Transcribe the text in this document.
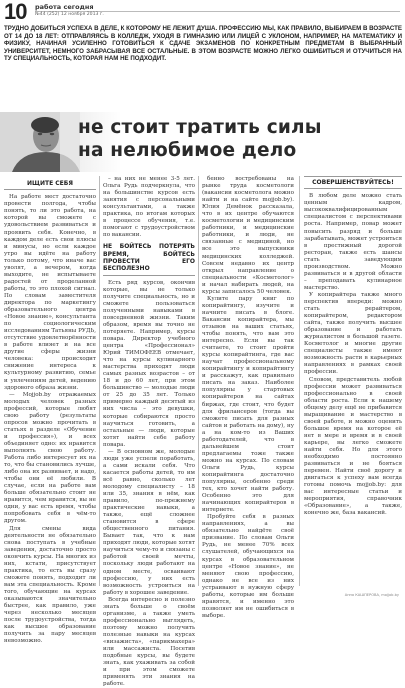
10 работа сегодня
№44 (252) 12 ноября 2013 г.
ТРУДНО ДОБИТЬСЯ УСПЕХА В ДЕЛЕ, К КОТОРОМУ НЕ ЛЕЖИТ ДУША. ПРОФЕССИЮ МЫ, КАК ПРАВИЛО, ВЫБИРАЕМ В ВОЗРАСТЕ ОТ 14 ДО 18 ЛЕТ: ОТПРАВЛЯЯСЬ В КОЛЛЕДЖ, УХОДЯ В ГИМНАЗИЮ ИЛИ ЛИЦЕЙ С УКЛОНОМ, НАПРИМЕР, НА МАТЕМАТИКУ И ФИЗИКУ, НАЧИНАЯ УСИЛЕННО ГОТОВИТЬСЯ К СДАЧЕ ЭКЗАМЕНОВ ПО КОНКРЕТНЫМ ПРЕДМЕТАМ В ВЫБРАННЫЙ УНИВЕРСИТЕТ, НЕМНОГО ЗАБРАСЫВАЯ ВСЕ ОСТАЛЬНЫЕ. В ЭТОМ ВОЗРАСТЕ МОЖНО ЛЕГКО ОШИБИТЬСЯ И ОТУЧИТЬСЯ НА ТУ СПЕЦИАЛЬНОСТЬ, КОТОРАЯ НАМ НЕ ПОДХОДИТ.
не стоит тратить силы
на нелюбимое дело
ИЩИТЕ СЕБЯ

На работе мест достаточно провести полгода, чтобы понять, то ли это работа, на которой вы сможете с удовольствием развиваться и проявить себя. Конечно, в каждом деле есть свои плюсы и минусы, но если каждое утро вы идёте на работу только потому, что иначе вас уволят, а вечером, когда выходите, не испытываете радостей от проделанной работы, то это плохой сигнал. По словам заместителя директора по маркетингу образовательного центра «Новое знание», консультанта по социологическим исследованиям Татьяны РУДЬ, отсутствие удовлетворённости в работе влияет и на все другие сферы жизни человека: происходит снижение интереса к культурному развитию, семье и увлечениям детей, ведению здорового образа жизни.

— Mojjob.by отражаемых молодых человек разных профессий, которые любят свою работу (результаты опросов можно прочитать в статьях в разделе «Обучение и профессия»), и всех объединяет одно: их нравится выполнять свою работу. Работа либо интересует их на то, что бы становились лучше, либо она их развивает, и надо, чтобы они её любили. В случае, если на работе вам больше обязательно стоит не нравится, чем нравится, вы не одни, у вас есть время, чтобы попробовать себя в чём-то другом.

Для смены вида деятельности не обязательно снова поступать в учебные заведения, достаточно просто окончить курсы. На многих из них, кстати, присутствует практика, то есть вы сразу сможете понять, подходит ли вам эта специальность. Кроме того, обучающие на курсах оказываются значительно быстрее, как правило, уже через несколько месяцев после трудоустройства, тогда как высшее образование получить за пару месяцев невозможно.

– на них не менее 3-5 лет. Ольга Рудь подчеркнула, что на большинстве курсов есть занятия с персональными консультантами, а также практика, по итогам которых в процессе обучения, т.е. помогают с трудоустройством по вакансии.

НЕ БОЙТЕСЬ ПОТЕРЯТЬ ВРЕМЯ, БОЙТЕСЬ ПРОВЕСТИ ЕГО БЕСПОЛЕЗНО

Есть ряд курсов, окончив которые, вы не только получите специальность, но и сможете пользоваться полученными навыками в повседневной жизни. Таким образом, время вы точно не потеряете. Например, курсы повара. Директор учебного центра «Профессионал» Юрий ТИМОФЕЕВ отмечает, что на курсы кулинарного мастерства приходят люди самых разных возрастов – от 18 и до 60 лет, при этом большинство — молодые люди от 25 до 35 лет. Только примерно каждый десятый из них числа – это девушки, которые собираются просто научиться готовить, а остальные — люди, которые хотят найти себе работу повара.

— В основном же, молодые люди уже успели поработать, а сами искали себя. Что касается работы детей, то им всё равно, сколько лет молодому специалисту – 18 или 35, знания в нём, как правило, по-прежнему практические навыки, а также, ещё сложнее становится в сфере общественного питания. Бывает так, что к нам приходят люди, которые хотят научиться чему-то и связаны с работой своей мечты, поскольку люди работают на одном месте, осваивают профессию, у них есть возможность устроиться на работу в хорошее заведение.

Всегда интересно и полезно знать больше о своём организме, а также уметь профессионально выглядеть, поэтому можно получить полезные навыки на курсах «визажиста», «парикмахера» или массажиста. Посетив подобные курсы, вы будете знать, как ухаживать за собой и при этом сможете применять эти знания на работе.

бенно востребованы на рынке труда косметологи (вакансии косметолога можно найти и на сайте mojjob.by). Юлия Демёнок рассказала, что в их центре обучаются косметологии и медицинским работники, и медицинские работники, и люди, не связанные с медициной, но все это выпускники медицинских колледжей. Совсем недавно их центр открыл направление о специальности «Косметолог» и начал набирать людей, на курсы записалось 50 человек.

Кулите пару книг по копирайтингу, изучите и начните писать в блоге. Вакансии копирайтера, мы отзывов на ваших статьях, чтобы понять, что вам это интересно. Если вы так считаете, то стоит пройти курсы копирайтинга, где вас научат профессиональному копирайтингу и копирайтингу и расскажут, как правильно писать на заказ. Наиболее популярны у стартовых копирайтеров на сайтах биржах, где стоит, что будет для фрилансеров (тогда вы сможете писать для разных сайтов и работать на дому), ну а на ком-то из Ваших работодателей, что в дальнейшем стоит предлагаемы тоже также можно на курсах. По словам Ольги Рудь, курсы копирайтинга достаточно популярны, особенно среди тех, кто хочет найти работу. Особенно это для начинающих копирайтеров в интернете.

Пробуйте себя в разных направлениях, а вы обязательно найдёте своё призвание. По словам Ольги Рудь, не менее 70% всех слушателей, обучающихся на курсах в образовательном центре «Новое знание», не меняют свою профессию, однако не все из них устраивают в нужную сферу работы, которые им больше нравятся, и именно это позволяет им не ошибиться в выборе.

СОВЕРШЕНСТВУЙТЕСЬ!

В любом деле можно стать ценным кадром, высококвалифицированным специалистом с перспективами роста. Например, повар может повысить разряд и больше зарабатывать, может устроиться в престижный дорогой ресторан, также есть шансы стать заведующим производством. Можно развиваться и в другой области – преподавать кулинарное мастерство.

У копирайтера также много перспектив впереди: можно стать рерайтером, копирайтером, редактором сайта, также получить высшее образование и работать журналистом в большой газете. Косметолог и многие другие специалисты также имеют возможность расти в карьерных направлениях в рамках своей профессии.

Словом, представитель любой профессии может развиваться профессионально в своей области роста. Если к нашему общему делу ещё не прибавится выращивание и мастерство в своей работе, и можно оценить большое время на которое её нет в мере и время и в своей карьере, вы легко сможете найти себя. Но для этого необходимо постоянно развиваться и не бояться перемен. Найти своё дорогу и двигаться к успеху вам всегда готовы помочь mojjob.by: для вас интересные статьи и мероприятия, справочник «Образование», а также, конечно же, база вакансий.

Анна КАШПЕРОВА, mojjob.by
